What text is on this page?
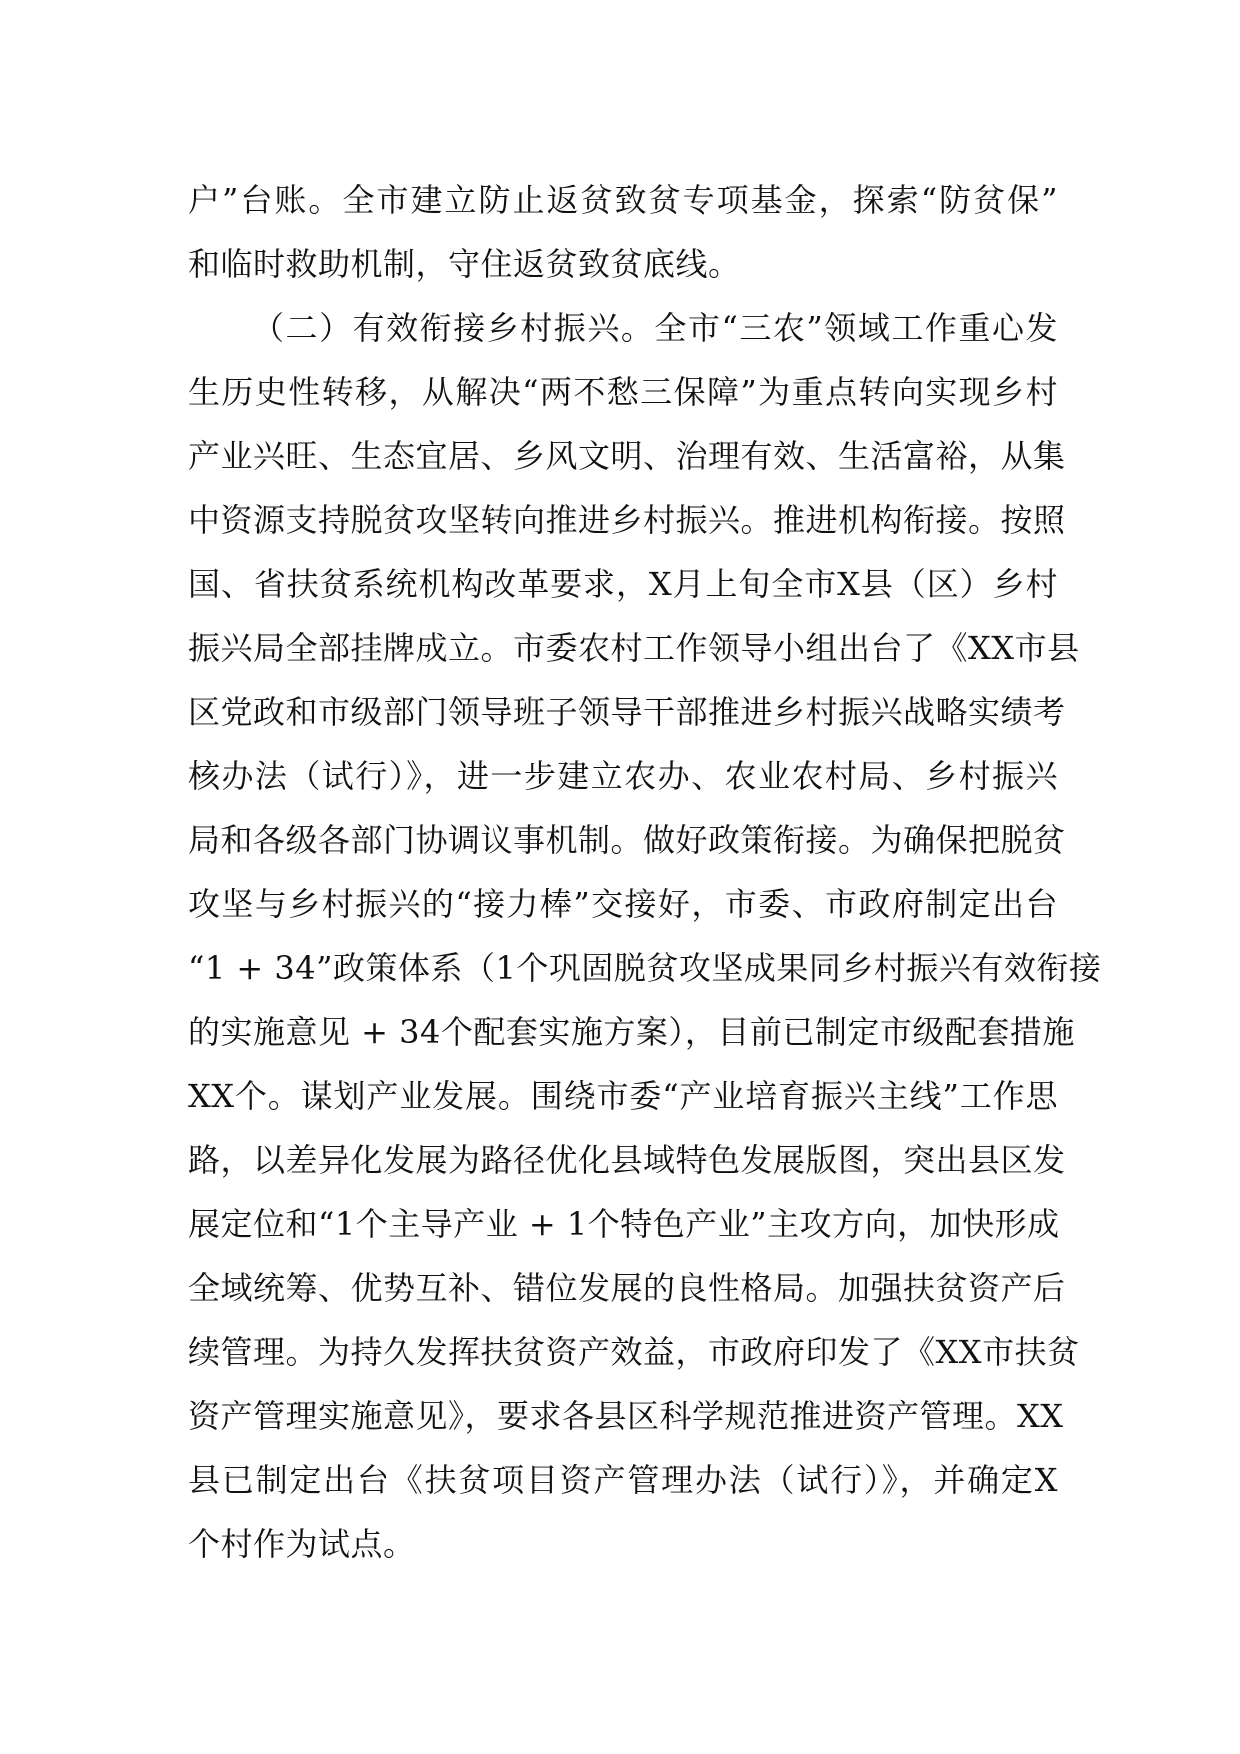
户”台账。全市建立防止返贫致贫专项基金，探索“防贫保”
和临时救助机制，守住返贫致贫底线。
（二）有效衔接乡村振兴。全市“三农”领域工作重心发
生历史性转移，从解决“两不愁三保障”为重点转向实现乡村
产业兴旺、生态宜居、乡风文明、治理有效、生活富裕，从集
中资源支持脱贫攻坚转向推进乡村振兴。推进机构衔接。按照
国、省扶贫系统机构改革要求，X月上旬全市X县（区）乡村
振兴局全部挂牌成立。市委农村工作领导小组出台了《XX市县
区党政和市级部门领导班子领导干部推进乡村振兴战略实绩考
核办法（试行）》，进一步建立农办、农业农村局、乡村振兴
局和各级各部门协调议事机制。做好政策衔接。为确保把脱贫
攻坚与乡村振兴的“接力棒”交接好，市委、市政府制定出台
“1 + 34”政策体系（1个巩固脱贫攻坚成果同乡村振兴有效衔接
的实施意见 + 34个配套实施方案），目前已制定市级配套措施
XX个。谋划产业发展。围绕市委“产业培育振兴主线”工作思
路，以差异化发展为路径优化县域特色发展版图，突出县区发
展定位和“1个主导产业 + 1个特色产业”主攻方向，加快形成
全域统筹、优势互补、错位发展的良性格局。加强扶贫资产后
续管理。为持久发挥扶贫资产效益，市政府印发了《XX市扶贫
资产管理实施意见》，要求各县区科学规范推进资产管理。XX
县已制定出台《扶贫项目资产管理办法（试行）》，并确定X
个村作为试点。
